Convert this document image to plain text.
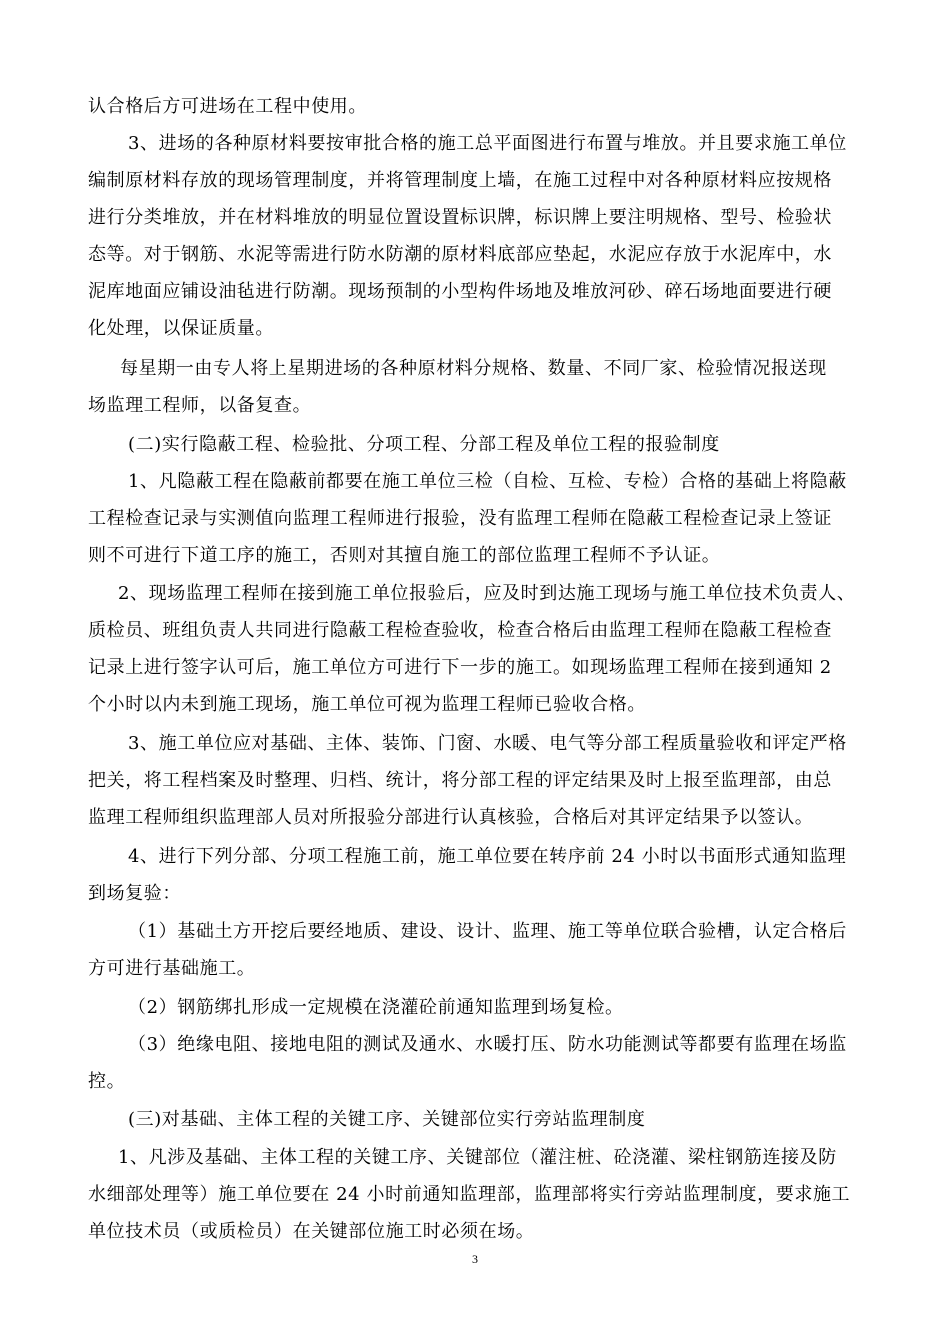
认合格后方可进场在工程中使用。
3、进场的各种原材料要按审批合格的施工总平面图进行布置与堆放。并且要求施工单位
编制原材料存放的现场管理制度，并将管理制度上墙，在施工过程中对各种原材料应按规格
进行分类堆放，并在材料堆放的明显位置设置标识牌，标识牌上要注明规格、型号、检验状
态等。对于钢筋、水泥等需进行防水防潮的原材料底部应垫起，水泥应存放于水泥库中，水
泥库地面应铺设油毡进行防潮。现场预制的小型构件场地及堆放河砂、碎石场地面要进行硬
化处理，以保证质量。
每星期一由专人将上星期进场的各种原材料分规格、数量、不同厂家、检验情况报送现
场监理工程师，以备复查。
(二)实行隐蔽工程、检验批、分项工程、分部工程及单位工程的报验制度
1、凡隐蔽工程在隐蔽前都要在施工单位三检（自检、互检、专检）合格的基础上将隐蔽
工程检查记录与实测值向监理工程师进行报验，没有监理工程师在隐蔽工程检查记录上签证
则不可进行下道工序的施工，否则对其擅自施工的部位监理工程师不予认证。
2、现场监理工程师在接到施工单位报验后，应及时到达施工现场与施工单位技术负责人、
质检员、班组负责人共同进行隐蔽工程检查验收，检查合格后由监理工程师在隐蔽工程检查
记录上进行签字认可后，施工单位方可进行下一步的施工。如现场监理工程师在接到通知 2
个小时以内未到施工现场，施工单位可视为监理工程师已验收合格。
3、施工单位应对基础、主体、装饰、门窗、水暖、电气等分部工程质量验收和评定严格
把关，将工程档案及时整理、归档、统计，将分部工程的评定结果及时上报至监理部，由总
监理工程师组织监理部人员对所报验分部进行认真核验，合格后对其评定结果予以签认。
4、进行下列分部、分项工程施工前，施工单位要在转序前 24 小时以书面形式通知监理
到场复验：
（1）基础土方开挖后要经地质、建设、设计、监理、施工等单位联合验槽，认定合格后
方可进行基础施工。
（2）钢筋绑扎形成一定规模在浇灌砼前通知监理到场复检。
（3）绝缘电阻、接地电阻的测试及通水、水暖打压、防水功能测试等都要有监理在场监
控。
(三)对基础、主体工程的关键工序、关键部位实行旁站监理制度
1、凡涉及基础、主体工程的关键工序、关键部位（灌注桩、砼浇灌、梁柱钢筋连接及防
水细部处理等）施工单位要在 24 小时前通知监理部，监理部将实行旁站监理制度，要求施工
单位技术员（或质检员）在关键部位施工时必须在场。
3
